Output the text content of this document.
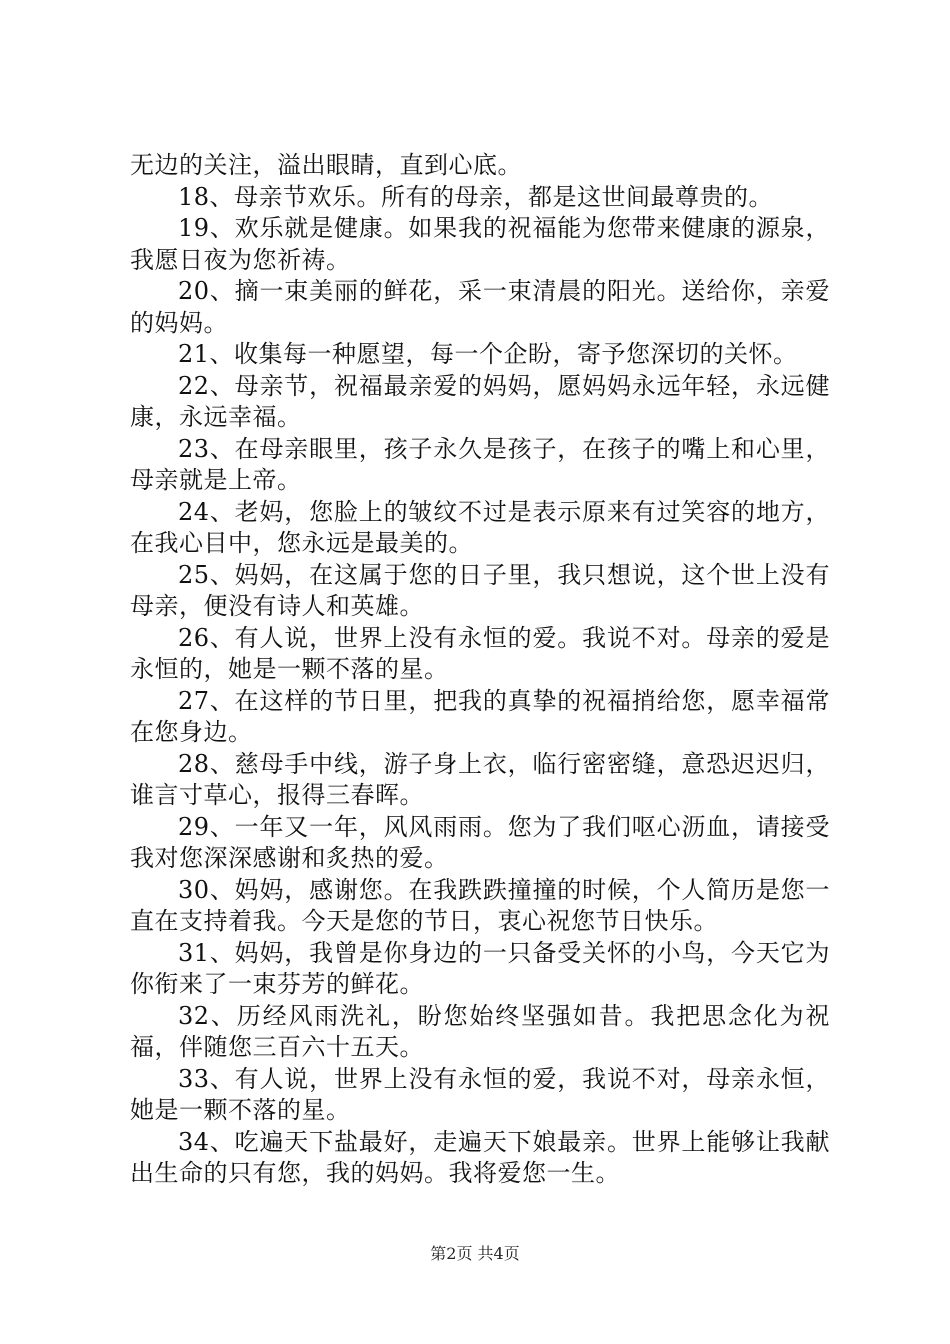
无边的关注，溢出眼睛，直到心底。

18、母亲节欢乐。所有的母亲，都是这世间最尊贵的。

19、欢乐就是健康。如果我的祝福能为您带来健康的源泉，我愿日夜为您祈祷。

20、摘一束美丽的鲜花，采一束清晨的阳光。送给你，亲爱的妈妈。

21、收集每一种愿望，每一个企盼，寄予您深切的关怀。

22、母亲节，祝福最亲爱的妈妈，愿妈妈永远年轻，永远健康，永远幸福。

23、在母亲眼里，孩子永久是孩子，在孩子的嘴上和心里，母亲就是上帝。

24、老妈，您脸上的皱纹不过是表示原来有过笑容的地方，在我心目中，您永远是最美的。

25、妈妈，在这属于您的日子里，我只想说，这个世上没有母亲，便没有诗人和英雄。

26、有人说，世界上没有永恒的爱。我说不对。母亲的爱是永恒的，她是一颗不落的星。

27、在这样的节日里，把我的真挚的祝福捎给您，愿幸福常在您身边。

28、慈母手中线，游子身上衣，临行密密缝，意恐迟迟归，谁言寸草心，报得三春晖。

29、一年又一年，风风雨雨。您为了我们呕心沥血，请接受我对您深深感谢和炙热的爱。

30、妈妈，感谢您。在我跌跌撞撞的时候，个人简历是您一直在支持着我。今天是您的节日，衷心祝您节日快乐。

31、妈妈，我曾是你身边的一只备受关怀的小鸟，今天它为你衔来了一束芬芳的鲜花。

32、历经风雨洗礼，盼您始终坚强如昔。我把思念化为祝福，伴随您三百六十五天。

33、有人说，世界上没有永恒的爱，我说不对，母亲永恒，她是一颗不落的星。

34、吃遍天下盐最好，走遍天下娘最亲。世界上能够让我献出生命的只有您，我的妈妈。我将爱您一生。

第2页 共4页
